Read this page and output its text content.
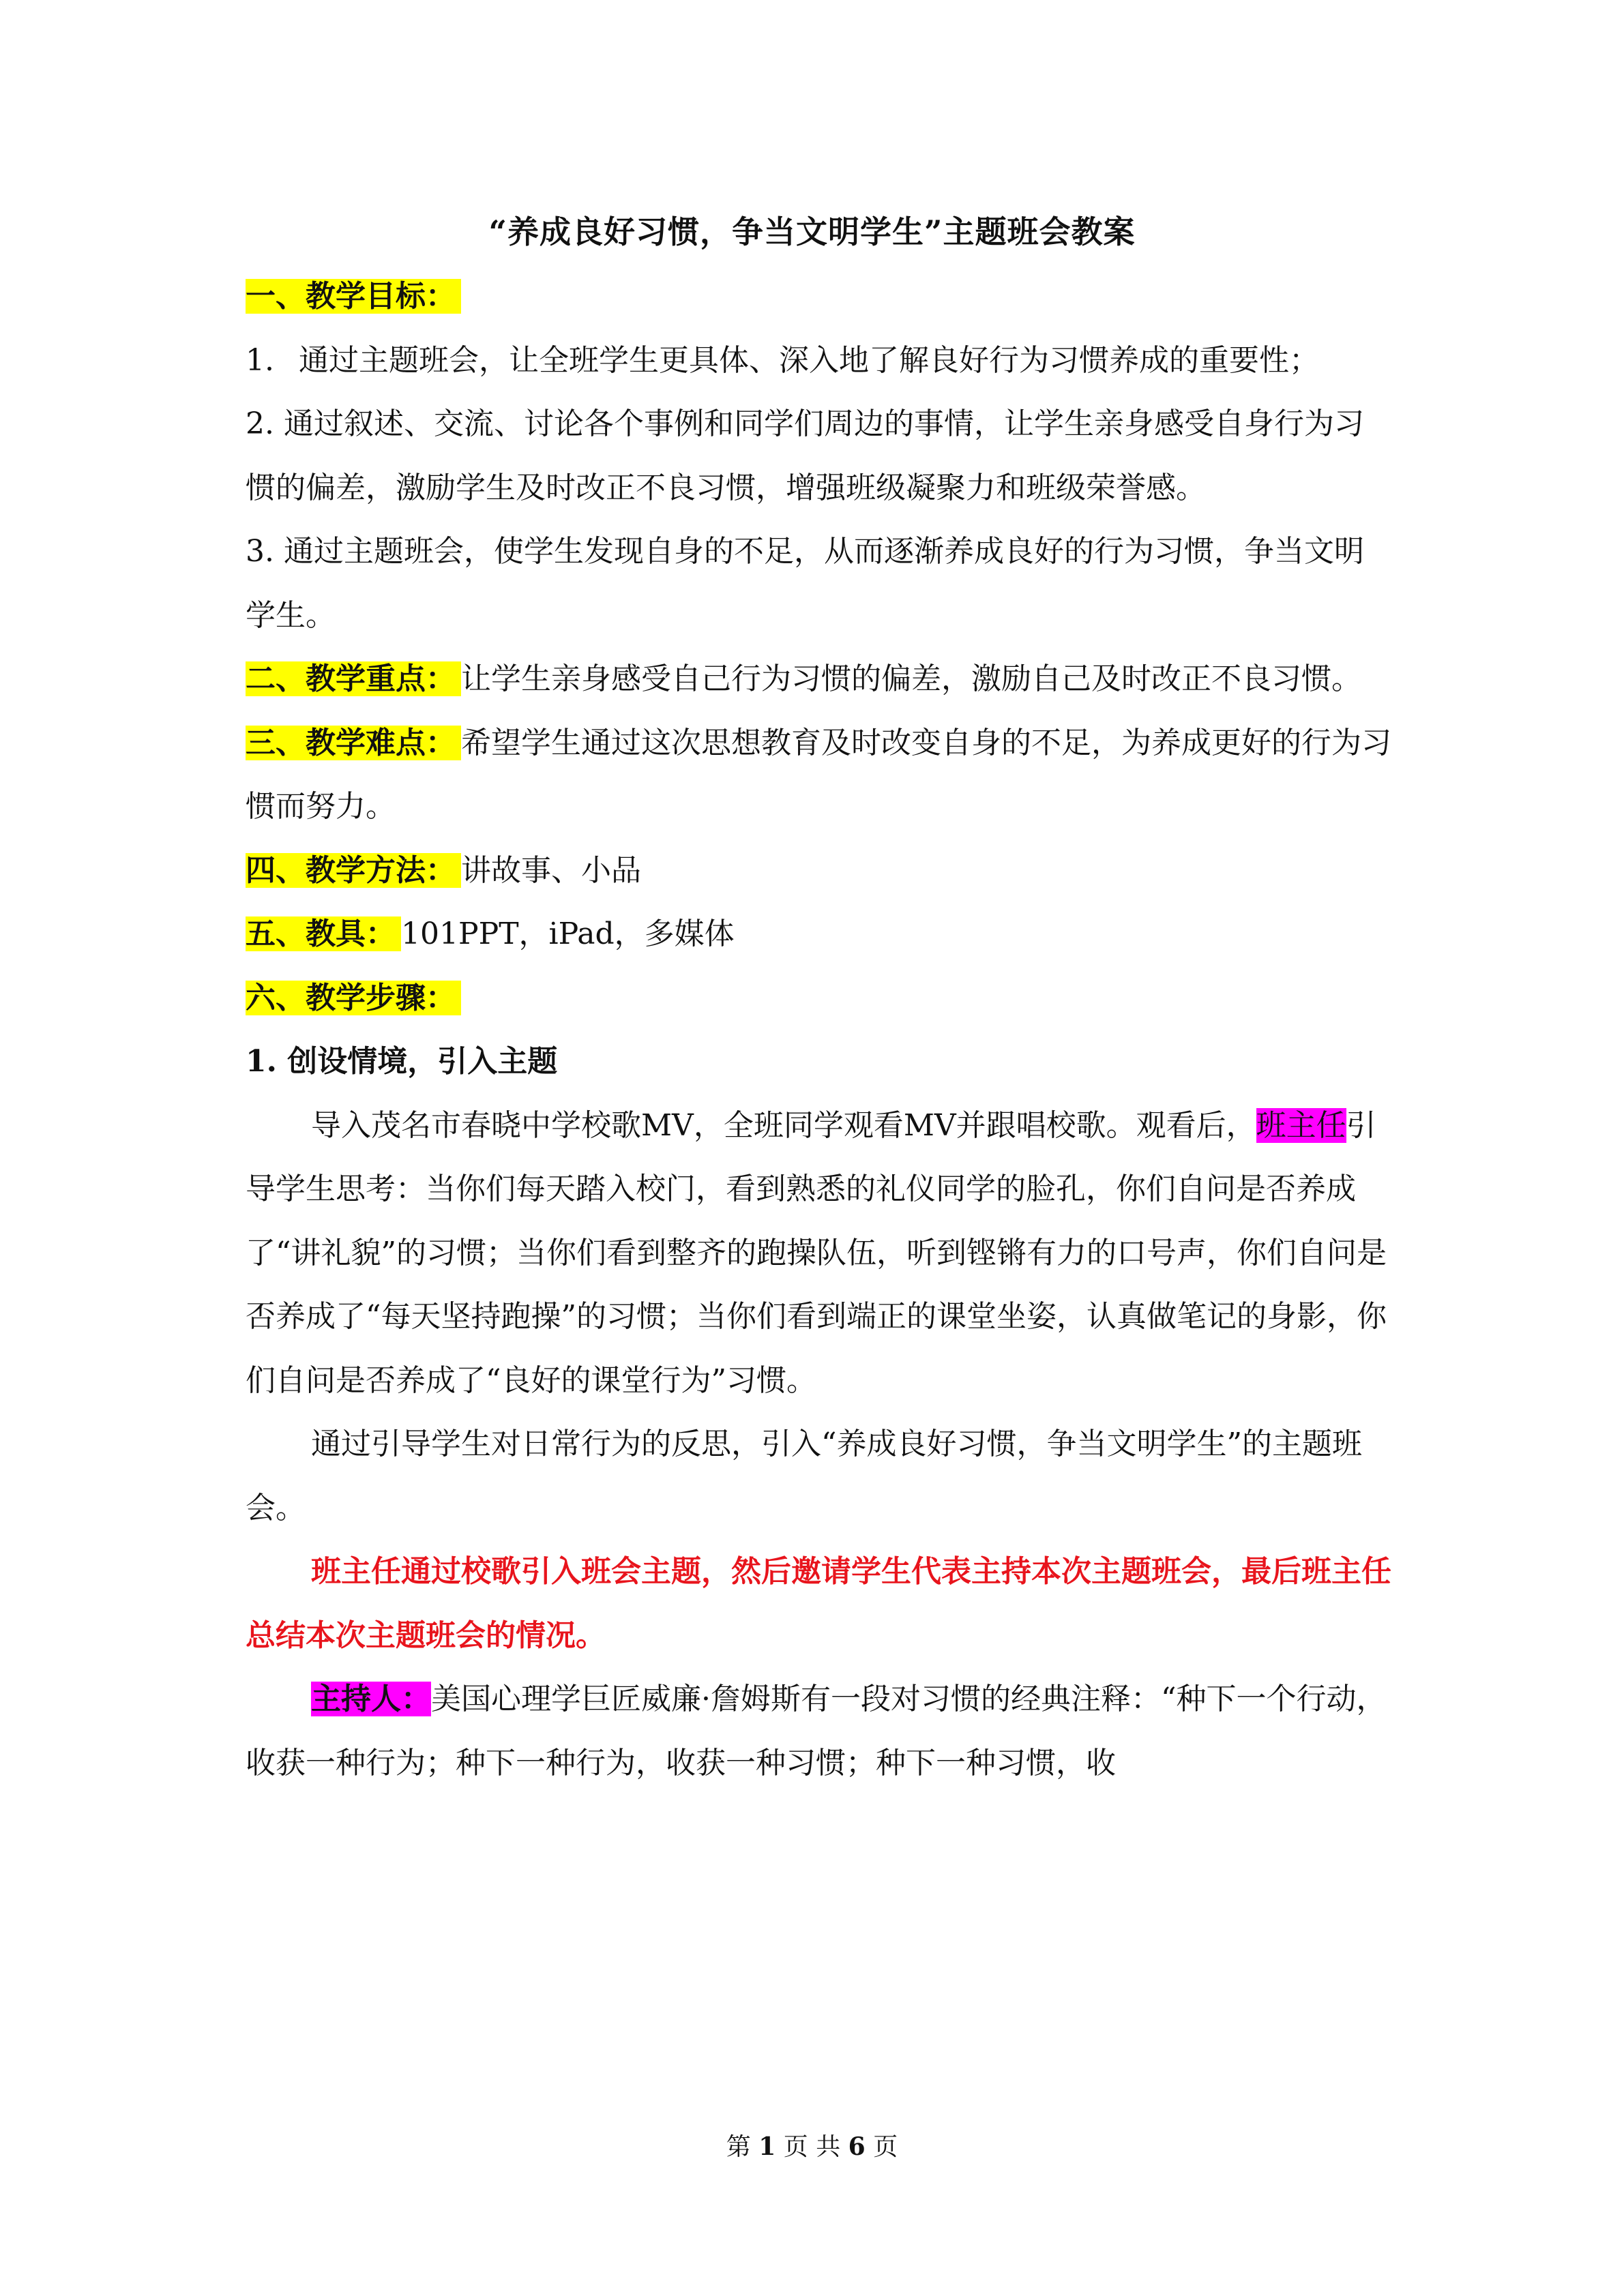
“养成良好习惯，争当文明学生”主题班会教案

一、教学目标：

1. 通过主题班会，让全班学生更具体、深入地了解良好行为习惯养成的重要性；

2. 通过叙述、交流、讨论各个事例和同学们周边的事情，让学生亲身感受自身行为习惯的偏差，激励学生及时改正不良习惯，增强班级凝聚力和班级荣誉感。

3. 通过主题班会，使学生发现自身的不足，从而逐渐养成良好的行为习惯，争当文明学生。

二、教学重点： 让学生亲身感受自己行为习惯的偏差，激励自己及时改正不良习惯。

三、教学难点： 希望学生通过这次思想教育及时改变自身的不足，为养成更好的行为习惯而努力。

四、教学方法： 讲故事、小品

五、教具： 101PPT，iPad，多媒体

六、教学步骤：

1. 创设情境，引入主题

导入茂名市春晓中学校歌MV，全班同学观看MV并跟唱校歌。观看后，班主任引导学生思考：当你们每天踏入校门，看到熟悉的礼仪同学的脸孔，你们自问是否养成了“讲礼貌”的习惯；当你们看到整齐的跑操队伍，听到铿锵有力的口号声，你们自问是否养成了“每天坚持跑操”的习惯；当你们看到端正的课堂坐姿，认真做笔记的身影，你们自问是否养成了“良好的课堂行为”习惯。

通过引导学生对日常行为的反思，引入“养成良好习惯，争当文明学生”的主题班会。

班主任通过校歌引入班会主题，然后邀请学生代表主持本次主题班会，最后班主任总结本次主题班会的情况。

主持人：美国心理学巨匠威廉·詹姆斯有一段对习惯的经典注释：“种下一个行动，收获一种行为；种下一种行为，收获一种习惯；种下一种习惯，收

第 1 页 共 6 页
